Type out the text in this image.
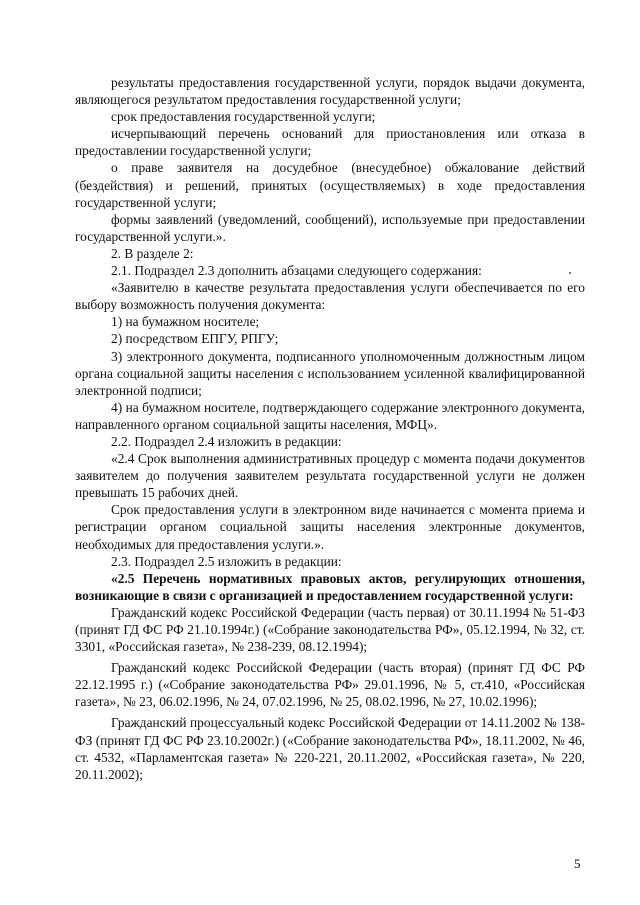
результаты предоставления государственной услуги, порядок выдачи документа, являющегося результатом предоставления государственной услуги;

срок предоставления государственной услуги;

исчерпывающий перечень оснований для приостановления или отказа в предоставлении государственной услуги;

о праве заявителя на досудебное (внесудебное) обжалование действий (бездействия) и решений, принятых (осуществляемых) в ходе предоставления государственной услуги;

формы заявлений (уведомлений, сообщений), используемые при предоставлении государственной услуги.».

2. В разделе 2:

2.1. Подраздел 2.3 дополнить абзацами следующего содержания:

«Заявителю в качестве результата предоставления услуги обеспечивается по его выбору возможность получения документа:

1) на бумажном носителе;

2) посредством ЕПГУ, РПГУ;

3) электронного документа, подписанного уполномоченным должностным лицом органа социальной защиты населения с использованием усиленной квалифицированной электронной подписи;

4) на бумажном носителе, подтверждающего содержание электронного документа, направленного органом социальной защиты населения, МФЦ».

2.2. Подраздел 2.4 изложить в редакции:

«2.4 Срок выполнения административных процедур с момента подачи документов заявителем до получения заявителем результата государственной услуги не должен превышать 15 рабочих дней.

Срок предоставления услуги в электронном виде начинается с момента приема и регистрации органом социальной защиты населения электронные документов, необходимых для предоставления услуги.».

2.3. Подраздел 2.5 изложить в редакции:

«2.5 Перечень нормативных правовых актов, регулирующих отношения, возникающие в связи с организацией и предоставлением государственной услуги:

Гражданский кодекс Российской Федерации (часть первая) от 30.11.1994 № 51-ФЗ (принят ГД ФС РФ 21.10.1994г.) («Собрание законодательства РФ», 05.12.1994, № 32, ст. 3301, «Российская газета», № 238-239, 08.12.1994);

Гражданский кодекс Российской Федерации (часть вторая) (принят ГД ФС РФ 22.12.1995 г.) («Собрание законодательства РФ» 29.01.1996, № 5, ст.410, «Российская газета», № 23, 06.02.1996, № 24, 07.02.1996, № 25, 08.02.1996, № 27, 10.02.1996);

Гражданский процессуальный кодекс Российской Федерации от 14.11.2002 № 138-ФЗ (принят ГД ФС РФ 23.10.2002г.) («Собрание законодательства РФ», 18.11.2002, № 46, ст. 4532, «Парламентская газета» № 220-221, 20.11.2002, «Российская газета», № 220, 20.11.2002);

5
